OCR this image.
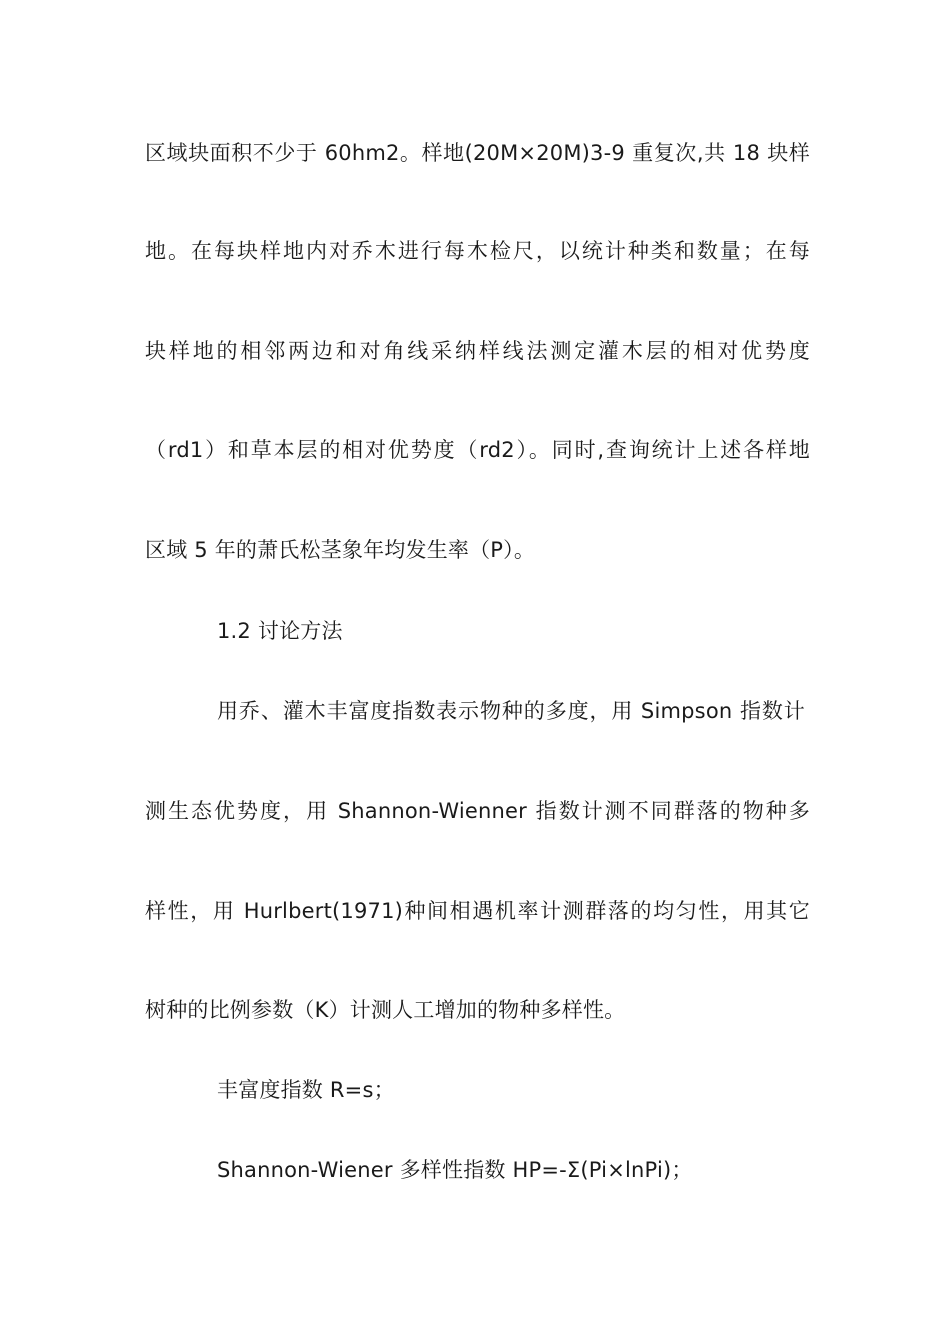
区域块面积不少于 60hm2。样地(20M×20M)3-9 重复次,共 18 块样
地。在每块样地内对乔木进行每木检尺，以统计种类和数量；在每
块样地的相邻两边和对角线采纳样线法测定灌木层的相对优势度
（rd1）和草本层的相对优势度（rd2）。同时,查询统计上述各样地
区域 5 年的萧氏松茎象年均发生率（P）。
1.2 讨论方法
用乔、灌木丰富度指数表示物种的多度，用 Simpson 指数计
测生态优势度，用 Shannon-Wienner 指数计测不同群落的物种多
样性，用 Hurlbert(1971)种间相遇机率计测群落的均匀性，用其它
树种的比例参数（K）计测人工增加的物种多样性。
丰富度指数 R=s；
Shannon-Wiener 多样性指数 HP=-Σ(Pi×lnPi)；
